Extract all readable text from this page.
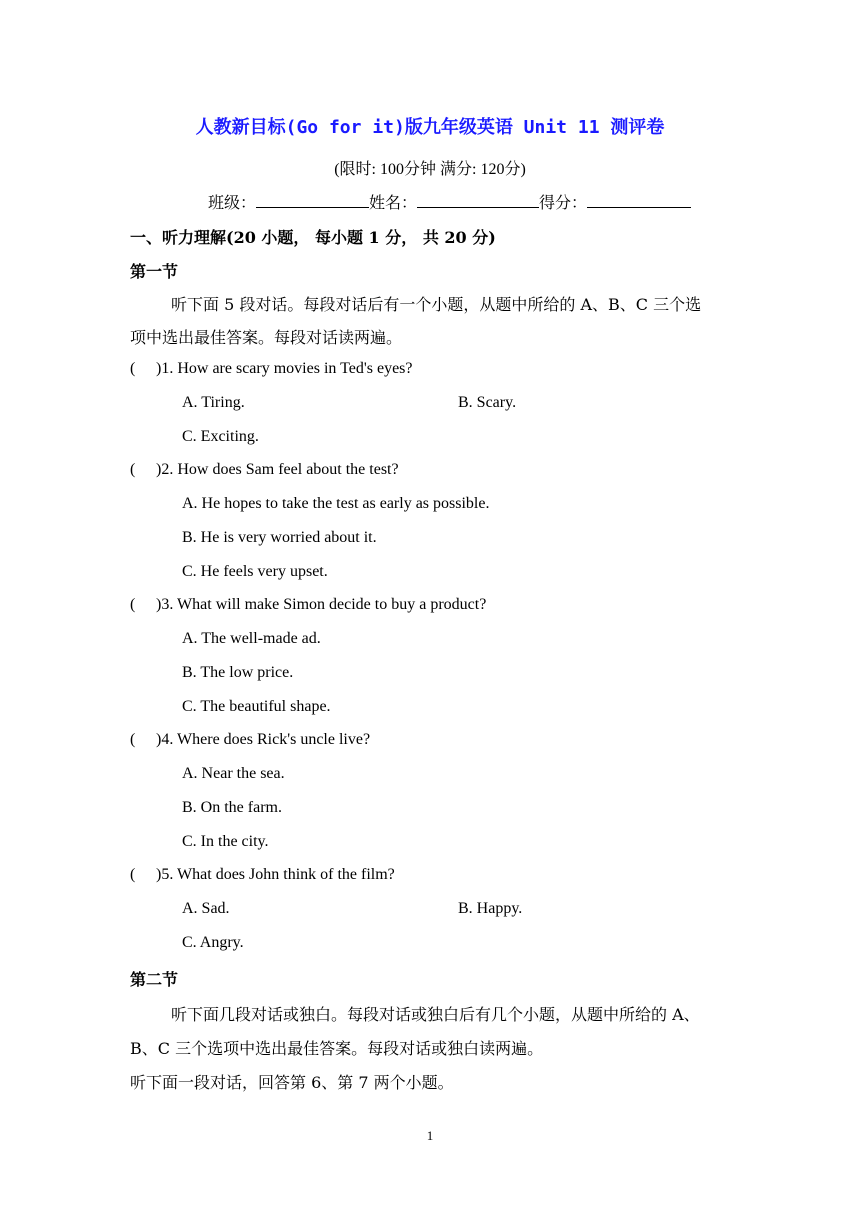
人教新目标(Go for it)版九年级英语 Unit 11 测评卷
(限时: 100分钟 满分: 120分)
班级：	姓名：	得分：
一、听力理解(20 小题， 每小题 1 分， 共 20 分)
第一节
听下面 5 段对话。每段对话后有一个小题，从题中所给的 A、B、C 三个选
项中选出最佳答案。每段对话读两遍。
( )1. How are scary movies in Ted's eyes?
A. Tiring.	B. Scary.
C. Exciting.
( )2. How does Sam feel about the test?
A. He hopes to take the test as early as possible.
B. He is very worried about it.
C. He feels very upset.
( )3. What will make Simon decide to buy a product?
A. The well-made ad.
B. The low price.
C. The beautiful shape.
( )4. Where does Rick's uncle live?
A. Near the sea.
B. On the farm.
C. In the city.
( )5. What does John think of the film?
A. Sad.	B. Happy.
C. Angry.
第二节
听下面几段对话或独白。每段对话或独白后有几个小题，从题中所给的 A、
B、C 三个选项中选出最佳答案。每段对话或独白读两遍。
听下面一段对话，回答第 6、第 7 两个小题。
1
